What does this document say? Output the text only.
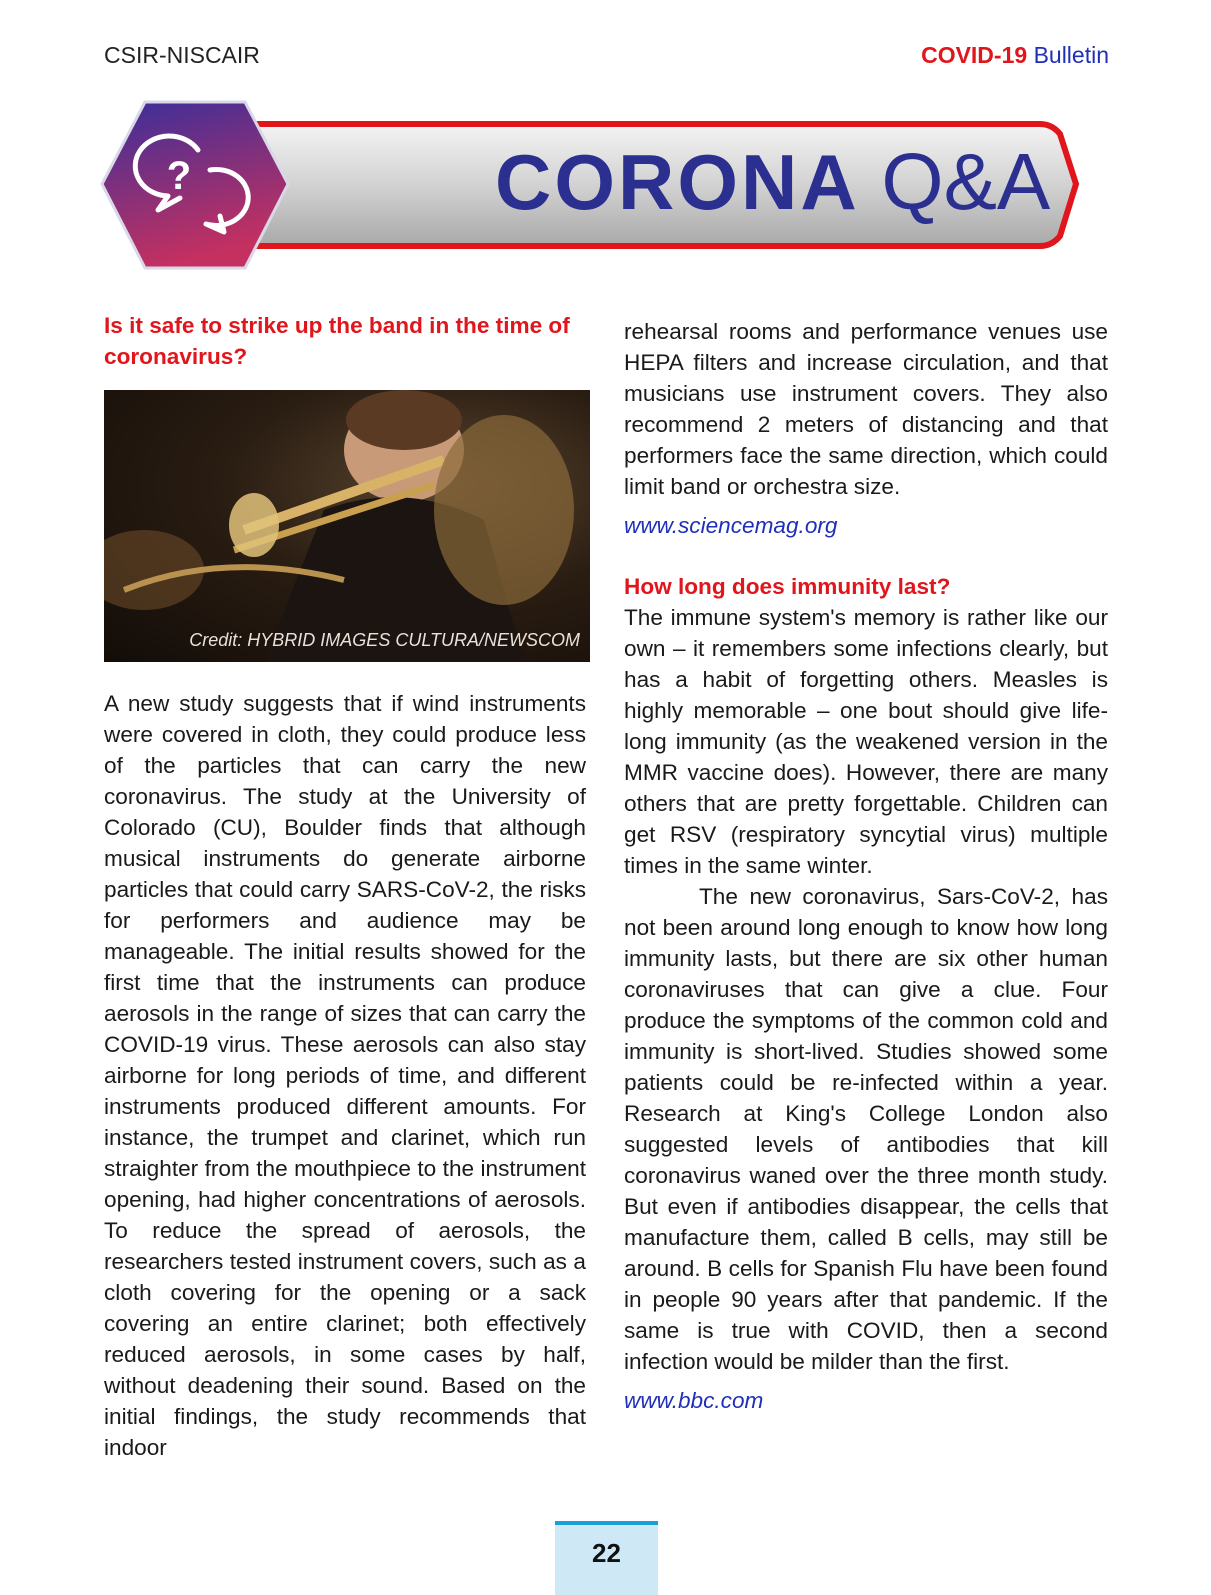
CSIR-NISCAIR	COVID-19 Bulletin
?	CORONA Q&A

Is it safe to strike up the band in the time of coronavirus?

Credit: HYBRID IMAGES CULTURA/NEWSCOM

A new study suggests that if wind instruments were covered in cloth, they could produce less of the particles that can carry the new coronavirus. The study at the University of Colorado (CU), Boulder finds that although musical instruments do generate airborne particles that could carry SARS-CoV-2, the risks for performers and audience may be manageable. The initial results showed for the first time that the instruments can produce aerosols in the range of sizes that can carry the COVID-19 virus. These aerosols can also stay airborne for long periods of time, and different instruments produced different amounts. For instance, the trumpet and clarinet, which run straighter from the mouthpiece to the instrument opening, had higher concentrations of aerosols. To reduce the spread of aerosols, the researchers tested instrument covers, such as a cloth covering for the opening or a sack covering an entire clarinet; both effectively reduced aerosols, in some cases by half, without deadening their sound. Based on the initial findings, the study recommends that indoor

rehearsal rooms and performance venues use HEPA filters and increase circulation, and that musicians use instrument covers. They also recommend 2 meters of distancing and that performers face the same direction, which could limit band or orchestra size.

www.sciencemag.org

How long does immunity last?

The immune system's memory is rather like our own – it remembers some infections clearly, but has a habit of forgetting others. Measles is highly memorable – one bout should give life-long immunity (as the weakened version in the MMR vaccine does). However, there are many others that are pretty forgettable. Children can get RSV (respiratory syncytial virus) multiple times in the same winter.

The new coronavirus, Sars-CoV-2, has not been around long enough to know how long immunity lasts, but there are six other human coronaviruses that can give a clue. Four produce the symptoms of the common cold and immunity is short-lived. Studies showed some patients could be re-infected within a year. Research at King's College London also suggested levels of antibodies that kill coronavirus waned over the three month study. But even if antibodies disappear, the cells that manufacture them, called B cells, may still be around. B cells for Spanish Flu have been found in people 90 years after that pandemic. If the same is true with COVID, then a second infection would be milder than the first.

www.bbc.com

22
